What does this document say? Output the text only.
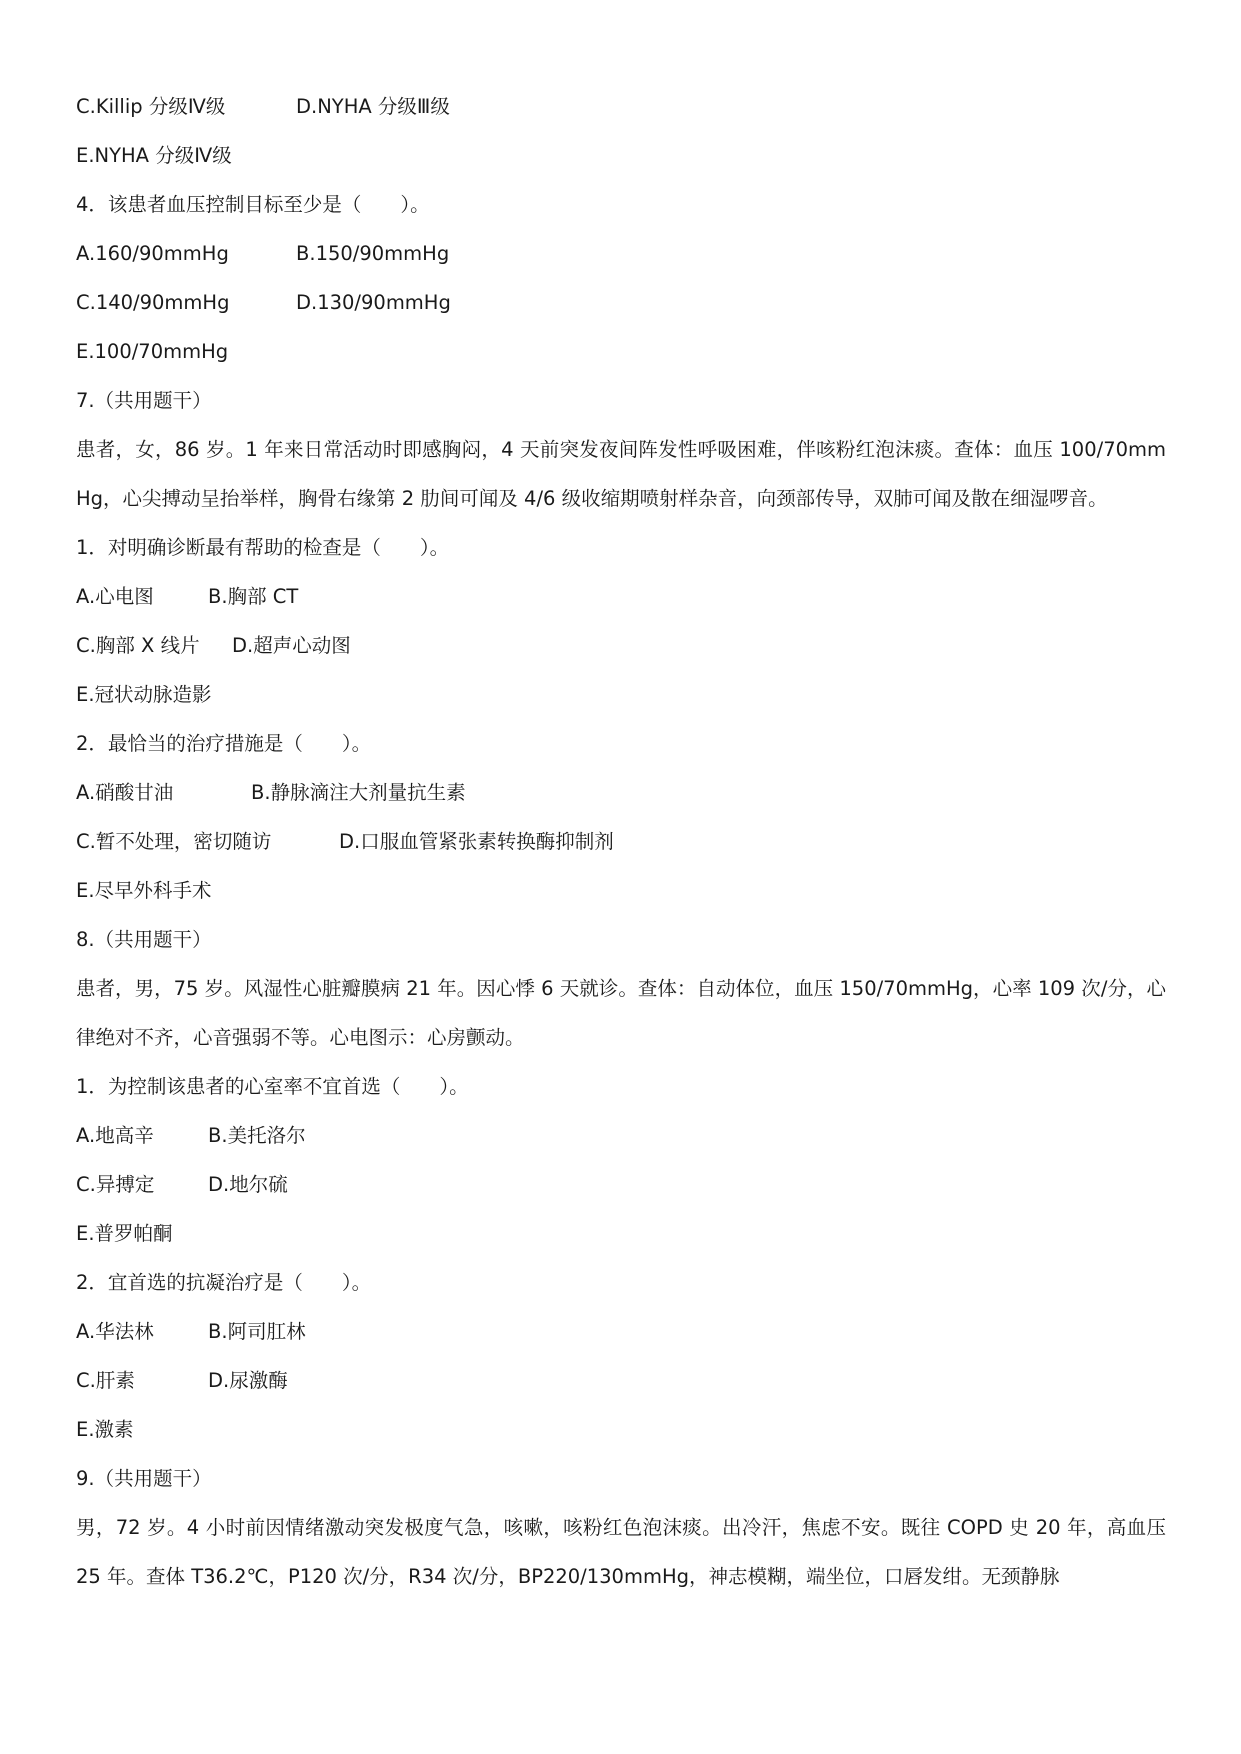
C.Killip 分级Ⅳ级	D.NYHA 分级Ⅲ级
E.NYHA 分级Ⅳ级
4．该患者血压控制目标至少是（　　）。
A.160/90mmHg	B.150/90mmHg
C.140/90mmHg	D.130/90mmHg
E.100/70mmHg
7.（共用题干）
患者，女，86 岁。1 年来日常活动时即感胸闷，4 天前突发夜间阵发性呼吸困难，伴咳粉红泡沫痰。查体：血压 100/70mmHg，心尖搏动呈抬举样，胸骨右缘第 2 肋间可闻及 4/6 级收缩期喷射样杂音，向颈部传导，双肺可闻及散在细湿啰音。
1．对明确诊断最有帮助的检查是（　　）。
A.心电图	B.胸部 CT
C.胸部 X 线片	D.超声心动图
E.冠状动脉造影
2．最恰当的治疗措施是（　　）。
A.硝酸甘油	B.静脉滴注大剂量抗生素
C.暂不处理，密切随访	D.口服血管紧张素转换酶抑制剂
E.尽早外科手术
8.（共用题干）
患者，男，75 岁。风湿性心脏瓣膜病 21 年。因心悸 6 天就诊。查体：自动体位，血压 150/70mmHg，心率 109 次/分，心律绝对不齐，心音强弱不等。心电图示：心房颤动。
1．为控制该患者的心室率不宜首选（　　）。
A.地高辛	B.美托洛尔
C.异搏定	D.地尔硫
E.普罗帕酮
2．宜首选的抗凝治疗是（　　）。
A.华法林	B.阿司肛林
C.肝素	D.尿激酶
E.激素
9.（共用题干）
男，72 岁。4 小时前因情绪激动突发极度气急，咳嗽，咳粉红色泡沫痰。出冷汗，焦虑不安。既往 COPD 史 20 年，高血压 25 年。查体 T36.2℃，P120 次/分，R34 次/分，BP220/130mmHg，神志模糊，端坐位，口唇发绀。无颈静脉
